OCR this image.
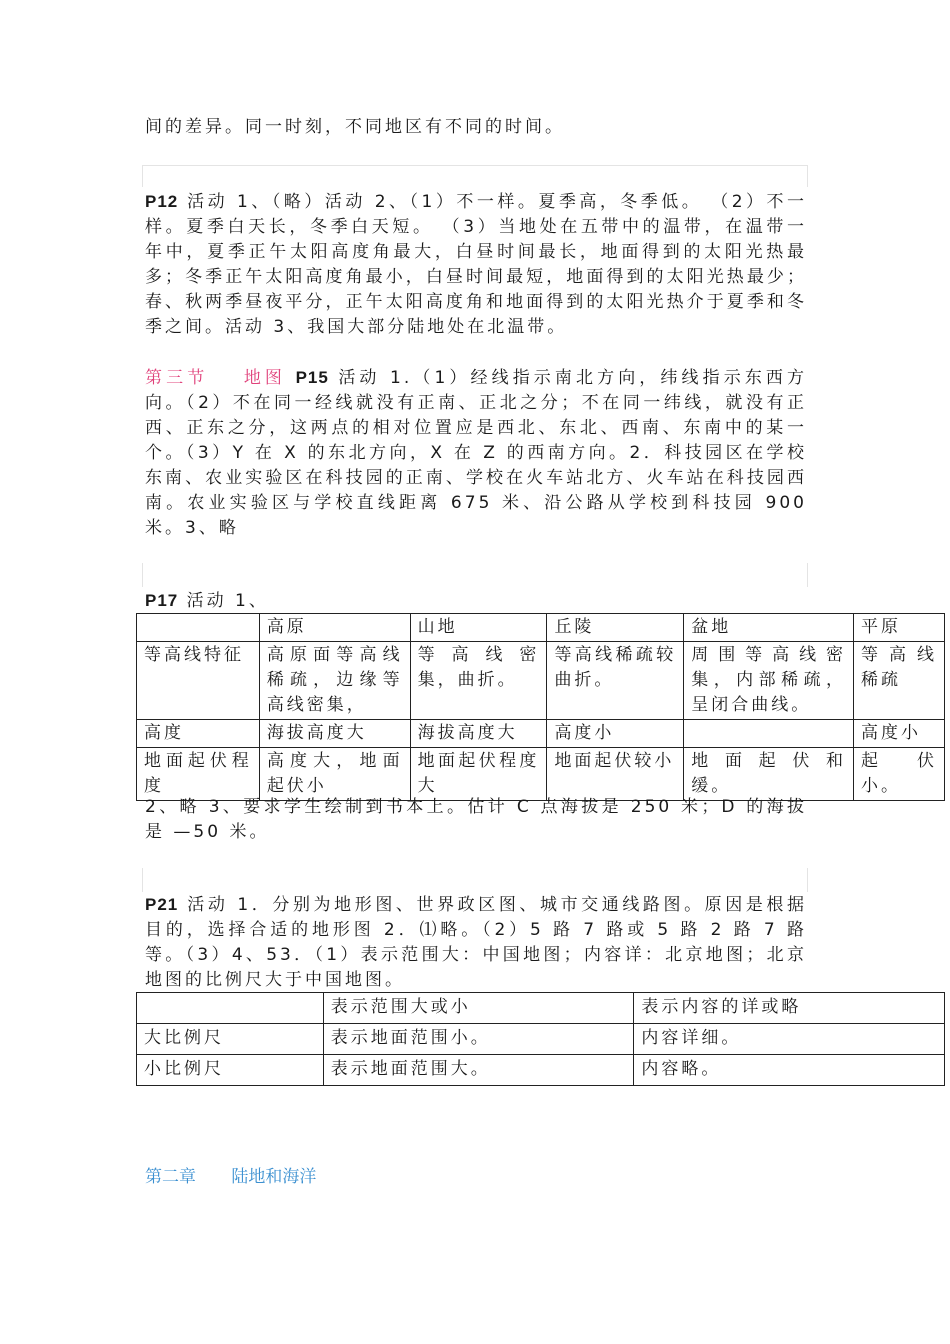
间的差异。同一时刻，不同地区有不同的时间。
P12 活动 1、（略）活动 2、（1）不一样。夏季高，冬季低。 （2）不一样。夏季白天长，冬季白天短。 （3）当地处在五带中的温带，在温带一年中，夏季正午太阳高度角最大，白昼时间最长，地面得到的太阳光热最多；冬季正午太阳高度角最小，白昼时间最短，地面得到的太阳光热最少；春、秋两季昼夜平分，正午太阳高度角和地面得到的太阳光热介于夏季和冬季之间。活动 3、我国大部分陆地处在北温带。
第三节 地图 P15 活动 1.（1）经线指示南北方向，纬线指示东西方向。（2）不在同一经线就没有正南、正北之分；不在同一纬线，就没有正西、正东之分，这两点的相对位置应是西北、东北、西南、东南中的某一个。（3）Y 在 X 的东北方向，X 在 Z 的西南方向。2．科技园区在学校东南、农业实验区在科技园的正南、学校在火车站北方、火车站在科技园西南。农业实验区与学校直线距离 675 米、沿公路从学校到科技园 900 米。3、略
P17 活动 1、
	高原	山地	丘陵	盆地	平原
等高线特征	高原面等高线稀疏，边缘等高线密集，	等 高 线 密集，曲折。	等高线稀疏较曲折。	周围等高线密集，内部稀疏，呈闭合曲线。	等高线稀疏
高度	海拔高度大	海拔高度大	高度小		高度小
地面起伏程度	高度大，地面起伏小	地面起伏程度大	地面起伏较小	地 面 起 伏 和缓。	起 伏小。
2、略 3、要求学生绘制到书本上。估计 C 点海拔是 250 米；D 的海拔是 —50 米。
P21 活动 1．分别为地形图、世界政区图、城市交通线路图。原因是根据目的，选择合适的地形图 2．⑴略。（2）5 路 7 路或 5 路 2 路 7 路等。（3）4、53．（1）表示范围大：中国地图；内容详：北京地图；北京地图的比例尺大于中国地图。
	表示范围大或小	表示内容的详或略
大比例尺	表示地面范围小。	内容详细。
小比例尺	表示地面范围大。	内容略。
第二章 陆地和海洋
